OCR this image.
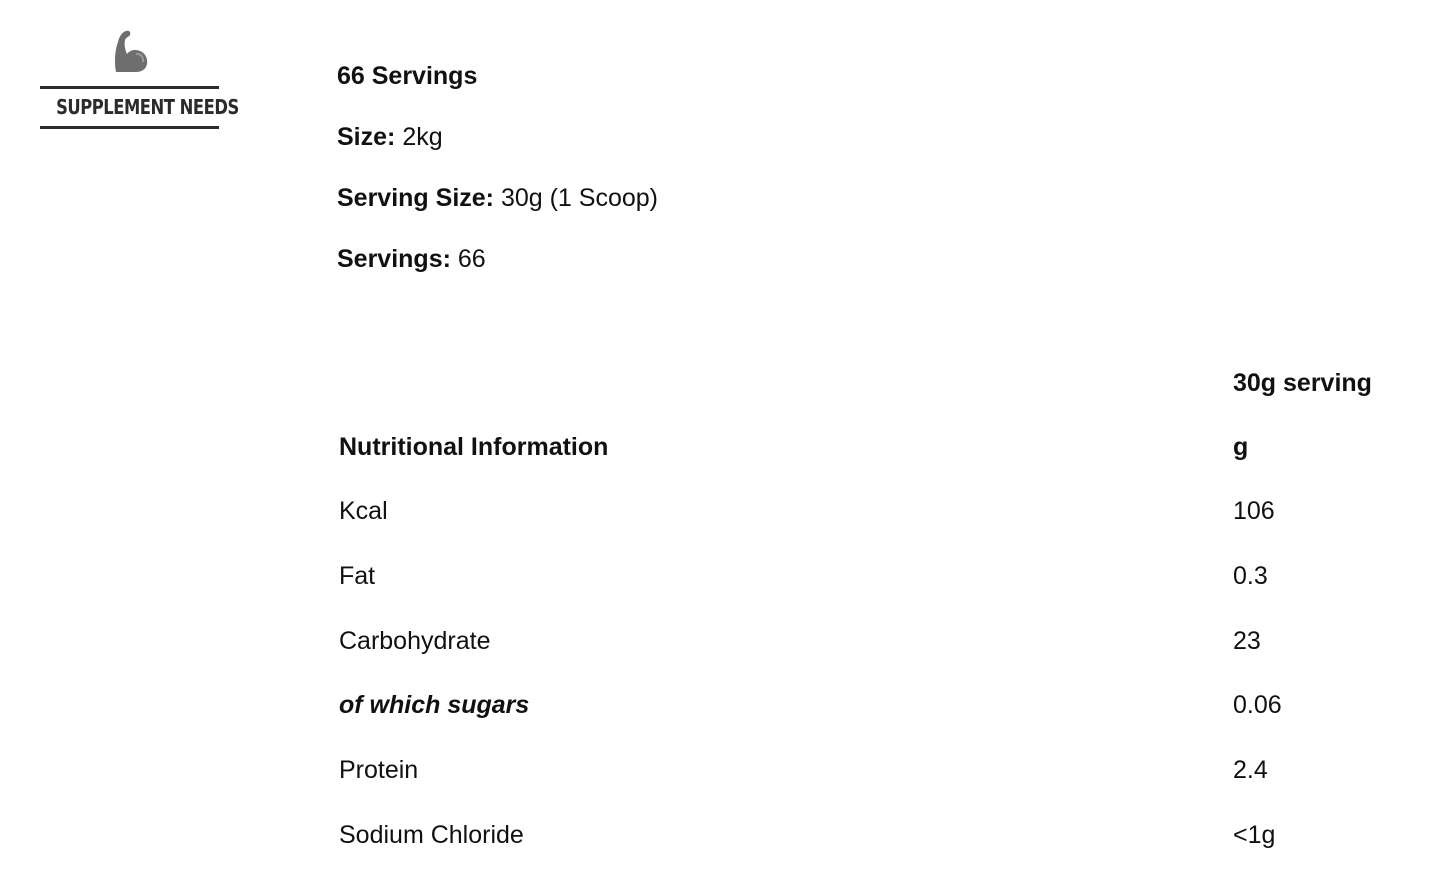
SUPPLEMENT NEEDS
66 Servings
Size: 2kg
Serving Size: 30g (1 Scoop)
Servings: 66
30g serving
Nutritional Information	g
Kcal	106
Fat	0.3
Carbohydrate	23
of which sugars	0.06
Protein	2.4
Sodium Chloride	<1g
